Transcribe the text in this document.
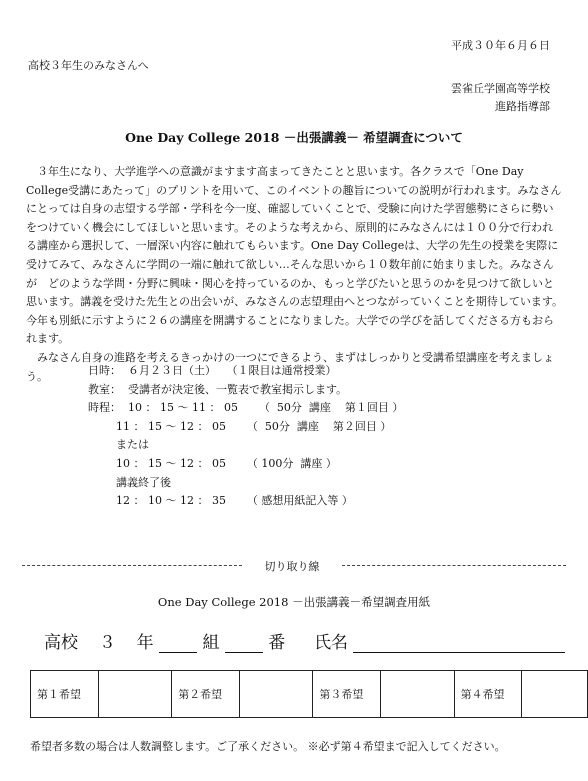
平成３０年６月６日
高校３年生のみなさんへ
雲雀丘学園高等学校
進路指導部
One Day College 2018 －出張講義－ 希望調査について

３年生になり、大学進学への意識がますます高まってきたことと思います。各クラスで「One Day College受講にあたって」のプリントを用いて、このイベントの趣旨についての説明が行われます。みなさんにとっては自身の志望する学部・学科を今一度、確認していくことで、受験に向けた学習態勢にさらに勢いをつけていく機会にしてほしいと思います。そのような考えから、原則的にみなさんには１００分で行われる講座から選択して、一層深い内容に触れてもらいます。One Day Collegeは、大学の先生の授業を実際に受けてみて、みなさんに学問の一端に触れて欲しい…そんな思いから１０数年前に始まりました。みなさんが　どのような学問・分野に興味・関心を持っているのか、もっと学びたいと思うのかを見つけて欲しいと思います。講義を受けた先生との出会いが、みなさんの志望理由へとつながっていくことを期待しています。今年も別紙に示すように２６の講座を開講することになりました。大学での学びを話してくださる方もおられます。

みなさん自身の進路を考えるきっかけの一つにできるよう、まずはしっかりと受講希望講座を考えましょう。	日時：  ６月２３日（土）   （１限目は通常授業）
教室：  受講者が決定後、一覧表で教室掲示します。
時程：  10 ： 15 ～ 11 ： 05      （  50分  講座    第１回目 ）
11 ： 15 ～ 12 ： 05      （  50分  講座    第２回目 ）
または
10 ： 15 ～ 12 ： 05      （ 100分  講座 ）
講義終了後
12 ： 10 ～ 12 ： 35      （ 感想用紙記入等 ）
切り取り線
One Day College 2018 －出張講義－希望調査用紙
高校 ３ 年	組	番 氏名
第１希望		第２希望		第３希望		第４希望	
希望者多数の場合は人数調整します。ご了承ください。 ※必ず第４希望まで記入してください。
